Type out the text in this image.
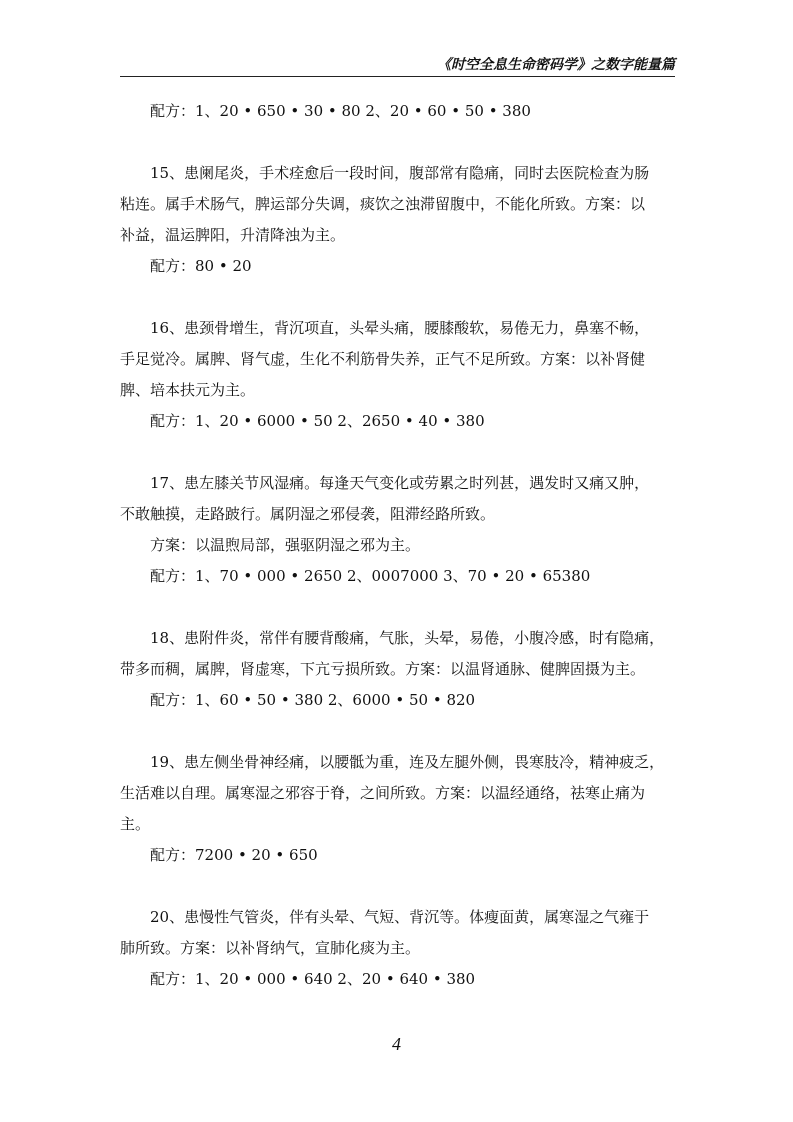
《时空全息生命密码学》之数字能量篇
配方：1、20 • 650 • 30 • 80 2、20 • 60 • 50 • 380
15、患阑尾炎，手术痊愈后一段时间，腹部常有隐痛，同时去医院检查为肠
粘连。属手术肠气，脾运部分失调，痰饮之浊滞留腹中，不能化所致。方案：以
补益，温运脾阳，升清降浊为主。
配方：80 • 20
16、患颈骨增生，背沉项直，头晕头痛，腰膝酸软，易倦无力，鼻塞不畅，
手足觉冷。属脾、肾气虚，生化不利筋骨失养，正气不足所致。方案：以补肾健
脾、培本扶元为主。
配方：1、20 • 6000 • 50 2、2650 • 40 • 380
17、患左膝关节风湿痛。每逢天气变化或劳累之时列甚，遇发时又痛又肿，
不敢触摸，走路跛行。属阴湿之邪侵袭，阻滞经路所致。
方案：以温煦局部，强驱阴湿之邪为主。
配方：1、70 • 000 • 2650 2、0007000 3、70 • 20 • 65380
18、患附件炎，常伴有腰背酸痛，气胀，头晕，易倦，小腹冷感，时有隐痛，
带多而稠，属脾，肾虚寒，下亢亏损所致。方案：以温肾通脉、健脾固摄为主。
配方：1、60 • 50 • 380 2、6000 • 50 • 820
19、患左侧坐骨神经痛，以腰骶为重，连及左腿外侧，畏寒肢冷，精神疲乏，
生活难以自理。属寒湿之邪容于脊，之间所致。方案：以温经通络，祛寒止痛为
主。
配方：7200 • 20 • 650
20、患慢性气管炎，伴有头晕、气短、背沉等。体瘦面黄，属寒湿之气雍于
肺所致。方案：以补肾纳气，宣肺化痰为主。
配方：1、20 • 000 • 640 2、20 • 640 • 380
4
